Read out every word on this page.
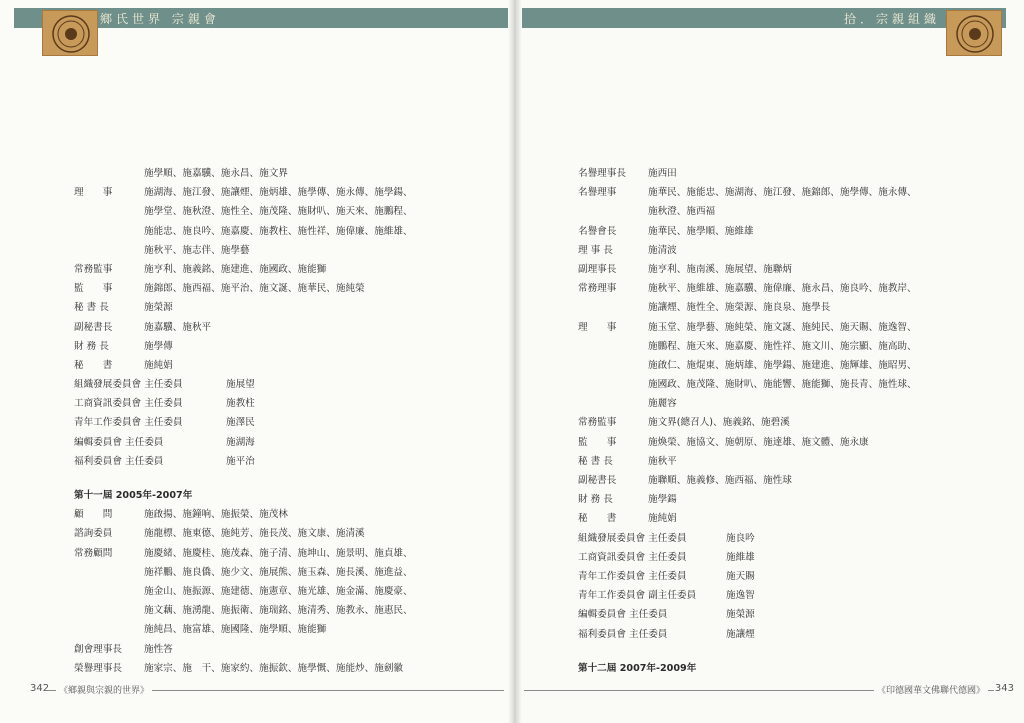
鄉氏世界 宗親會
施學順、施嘉驥、施永昌、施文界
理　　事	施湖海、施江發、施讓煙、施炳雄、施學傳、施永傳、施學鍚、
施學堂、施秋澄、施性全、施茂隆、施財叭、施天來、施鵬程、
施能忠、施良吟、施嘉慶、施教柱、施性祥、施偉廉、施維雄、
施秋平、施志伴、施學藝
常務監事	施亨利、施義銘、施建進、施國政、施能獅
監　　事	施錦郎、施西福、施平治、施文誕、施華民、施純榮
秘 書 長	施榮源
副秘書長	施嘉驥、施秋平
財 務 長	施學傳
秘　　書	施純娟
組織發展委員會 主任委員	施展望
工商資訊委員會 主任委員	施教柱
青年工作委員會 主任委員	施澤民
編輯委員會 主任委員	施湖海
福利委員會 主任委員	施平治
第十一屆 2005年-2007年
顧　　問	施啟揚、施鐘响、施振榮、施茂林
諮詢委員	施龍標、施東德、施純芳、施長茂、施文康、施清溪
常務顧問	施慶緒、施慶桂、施茂森、施子清、施坤山、施景明、施貞雄、
施祥鵬、施良僑、施少文、施展熊、施玉森、施長溪、施進益、
施金山、施振源、施建德、施憲章、施光雄、施金滿、施慶豪、
施文藕、施湧龍、施振衛、施瑞銘、施清秀、施教永、施惠民、
施純昌、施富雄、施國隆、施學順、施能獅
創會理事長	施性答
榮譽理事長	施家宗、施　干、施家約、施振欽、施學慨、施能炒、施劍徽
342	《鄉親與宗親的世界》
拾．宗親組織
名譽理事長	施西田
名譽理事	施華民、施能忠、施湖海、施江發、施錦郎、施學傳、施永傳、
施秋澄、施西福
名譽會長	施華民、施學順、施維雄
理 事 長	施清波
副理事長	施亨利、施南溪、施展望、施聯炳
常務理事	施秋平、施維雄、施嘉驥、施偉廉、施永昌、施良吟、施教岸、
施讓煙、施性全、施榮源、施良泉、施學長
理　　事	施玉堂、施學藝、施純榮、施文誕、施純民、施天賜、施逸智、
施鵬程、施天來、施嘉慶、施性祥、施文川、施宗顯、施高助、
施啟仁、施焜東、施炳雄、施學鍚、施建進、施輝雄、施昭男、
施國政、施茂隆、施財叭、施能響、施能獅、施長青、施性球、
施麗容
常務監事	施文界(總召人)、施義銘、施碧溪
監　　事	施煥榮、施協文、施朝原、施達雄、施文體、施永康
秘 書 長	施秋平
副秘書長	施聯順、施義修、施西福、施性球
財 務 長	施學鍚
秘　　書	施純娟
組織發展委員會 主任委員	施良吟
工商資訊委員會 主任委員	施維雄
青年工作委員會 主任委員	施天賜
青年工作委員會 副主任委員	施逸智
編輯委員會 主任委員	施榮源
福利委員會 主任委員	施讓煙
第十二屆 2007年-2009年
343
《印德國華文佛聯代德國》
